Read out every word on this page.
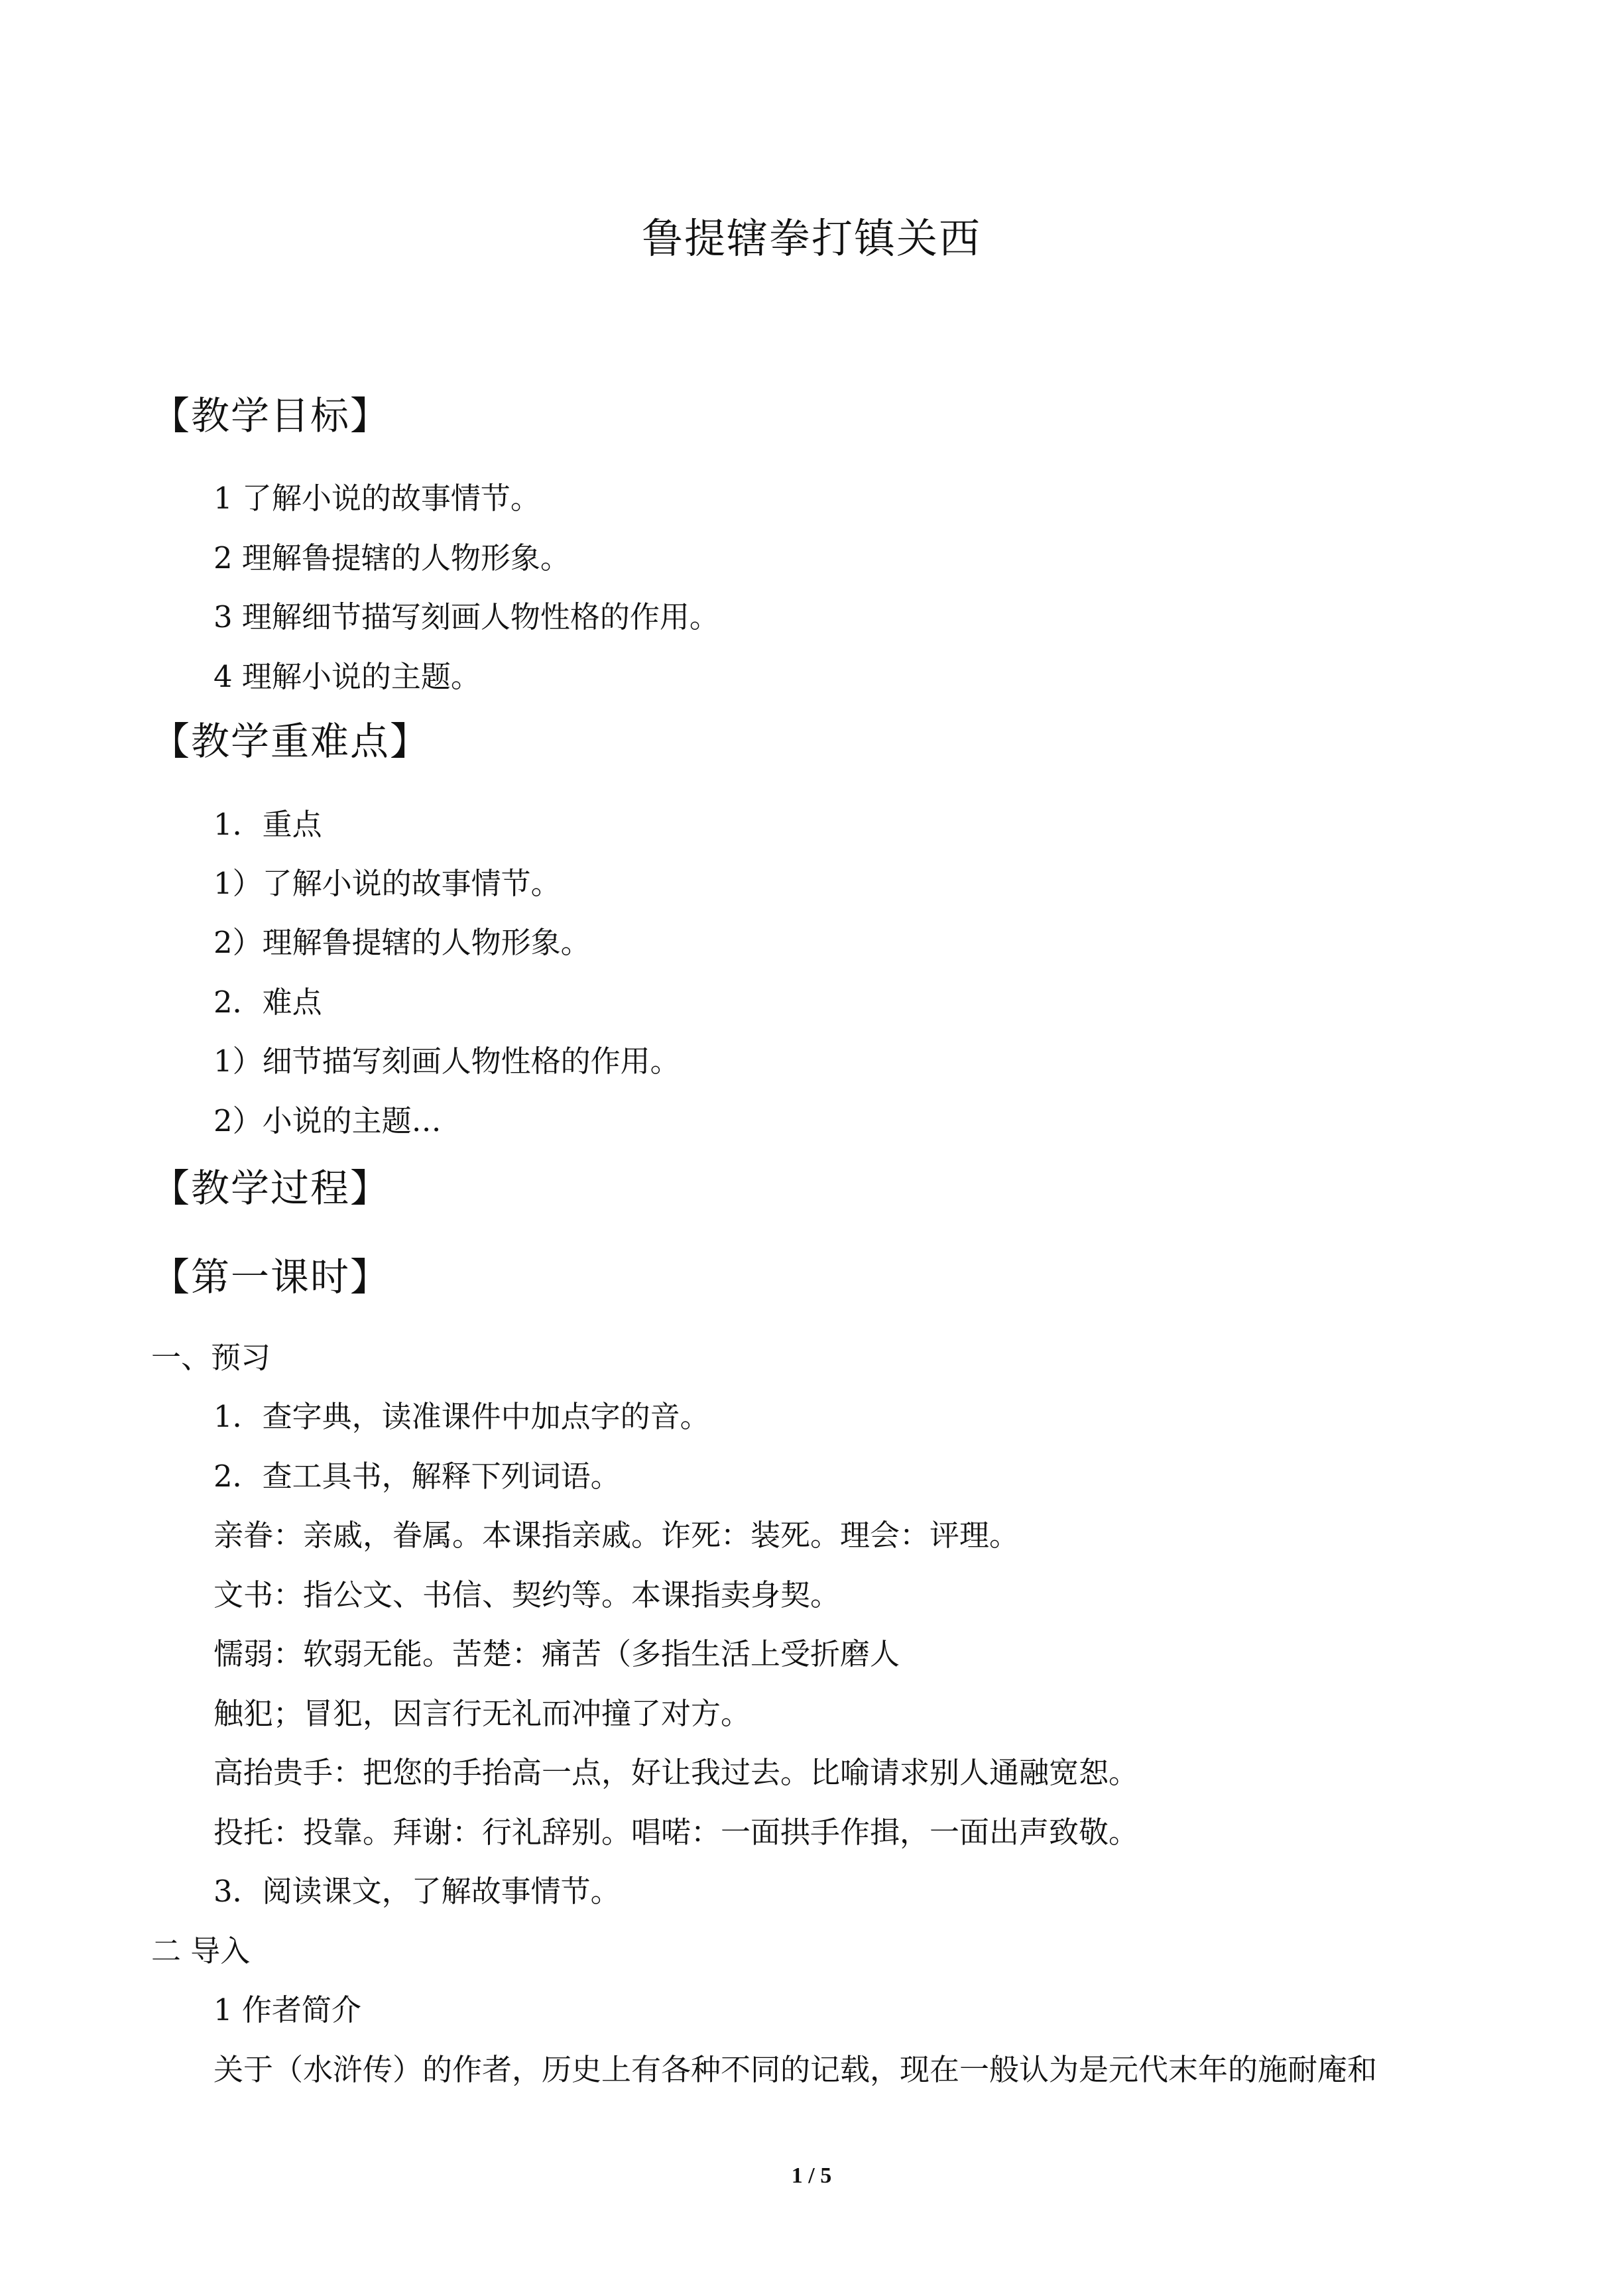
鲁提辖拳打镇关西
【教学目标】
1 了解小说的故事情节。
2 理解鲁提辖的人物形象。
3 理解细节描写刻画人物性格的作用。
4 理解小说的主题。
【教学重难点】
1．重点
1）了解小说的故事情节。
2）理解鲁提辖的人物形象。
2．难点
1）细节描写刻画人物性格的作用。
2）小说的主题…
【教学过程】
【第一课时】
一、预习
1．查字典，读准课件中加点字的音。
2．查工具书，解释下列词语。
亲眷：亲戚，眷属。本课指亲戚。诈死：装死。理会：评理。
文书：指公文、书信、契约等。本课指卖身契。
懦弱：软弱无能。苦楚：痛苦（多指生活上受折磨人
触犯；冒犯，因言行无礼而冲撞了对方。
高抬贵手：把您的手抬高一点，好让我过去。比喻请求别人通融宽恕。
投托：投靠。拜谢：行礼辞别。唱喏：一面拱手作揖，一面出声致敬。
3．阅读课文，了解故事情节。
二 导入
1 作者简介
关于（水浒传）的作者，历史上有各种不同的记载，现在一般认为是元代末年的施耐庵和
1 / 5
